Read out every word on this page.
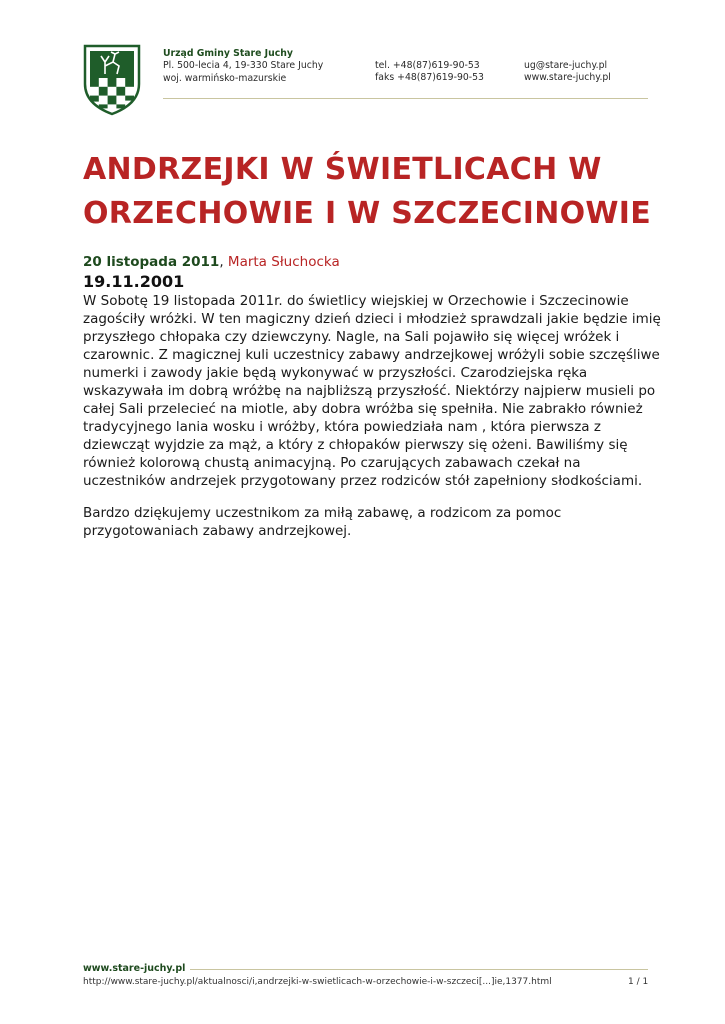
Urząd Gminy Stare Juchy
Pl. 500-lecia 4, 19-330 Stare Juchy
woj. warmińsko-mazurskie
tel. +48(87)619-90-53
faks +48(87)619-90-53
ug@stare-juchy.pl
www.stare-juchy.pl
ANDRZEJKI W ŚWIETLICACH W ORZECHOWIE I W SZCZECINOWIE
20 listopada 2011, Marta Słuchocka
19.11.2001

W Sobotę 19 listopada 2011r. do świetlicy wiejskiej w Orzechowie i Szczecinowie zagościły wróżki. W ten magiczny dzień dzieci i młodzież sprawdzali jakie będzie imię przyszłego chłopaka czy dziewczyny. Nagle, na Sali pojawiło się więcej wróżek i czarownic. Z magicznej kuli uczestnicy zabawy andrzejkowej wróżyli sobie szczęśliwe numerki i zawody jakie będą wykonywać w przyszłości. Czarodziejska ręka wskazywała im dobrą wróżbę na najbliższą przyszłość. Niektórzy najpierw musieli po całej Sali przelecieć na miotle, aby dobra wróżba się spełniła. Nie zabrakło również tradycyjnego lania wosku i wróżby, która powiedziała nam , która pierwsza z dziewcząt wyjdzie za mąż, a który z chłopaków pierwszy się ożeni. Bawiliśmy się również kolorową chustą animacyjną. Po czarujących zabawach czekał na uczestników andrzejek przygotowany przez rodziców stół zapełniony słodkościami.

Bardzo dziękujemy uczestnikom za miłą zabawę, a rodzicom za pomoc przygotowaniach zabawy andrzejkowej.

www.stare-juchy.pl
http://www.stare-juchy.pl/aktualnosci/i,andrzejki-w-swietlicach-w-orzechowie-i-w-szczeci[...]ie,1377.html	1 / 1
